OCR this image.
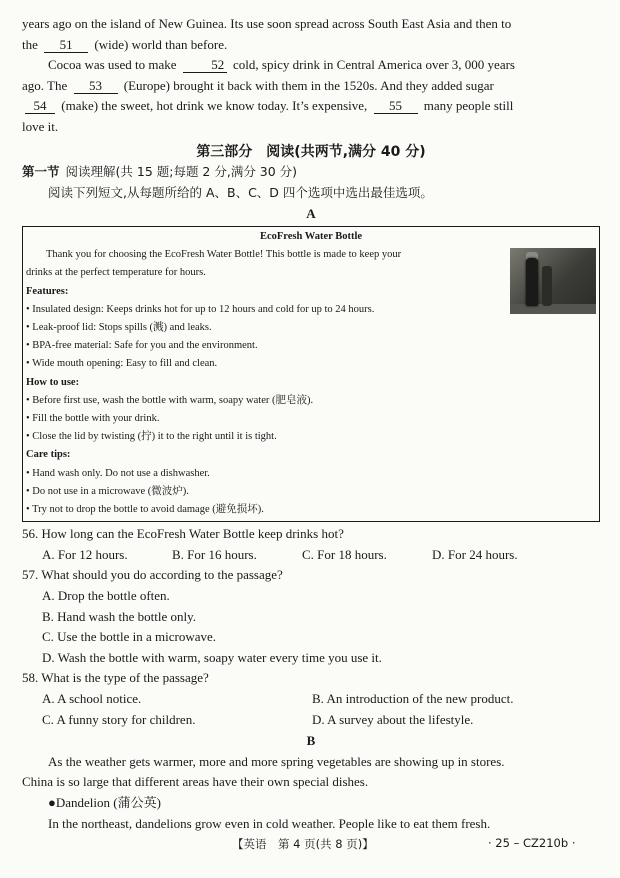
years ago on the island of New Guinea. Its use soon spread across South East Asia and then to

the 51 (wide) world than before.

Cocoa was used to make	52 cold, spicy drink in Central America over 3, 000 years

ago. The 53 (Europe) brought it back with them in the 1520s. And they added sugar

54 (make) the sweet, hot drink we know today. It’s expensive, 55 many people still

love it.

第三部分　阅读(共两节,满分 40 分)

第一节 阅读理解(共 15 题;每题 2 分,满分 30 分)

阅读下列短文,从每题所给的 A、B、C、D 四个选项中选出最佳选项。

A

EcoFresh Water Bottle
Thank you for choosing the EcoFresh Water Bottle! This bottle is made to keep your
drinks at the perfect temperature for hours.
Features:
• Insulated design: Keeps drinks hot for up to 12 hours and cold for up to 24 hours.
• Leak-proof lid: Stops spills (溅) and leaks.
• BPA-free material: Safe for you and the environment.
• Wide mouth opening: Easy to fill and clean.
How to use:
• Before first use, wash the bottle with warm, soapy water (肥皂液).
• Fill the bottle with your drink.
• Close the lid by twisting (拧) it to the right until it is tight.
Care tips:
• Hand wash only. Do not use a dishwasher.
• Do not use in a microwave (微波炉).
• Try not to drop the bottle to avoid damage (避免损坏).

56. How long can the EcoFresh Water Bottle keep drinks hot?

A. For 12 hours.	B. For 16 hours.	C. For 18 hours.	D. For 24 hours.

57. What should you do according to the passage?

A. Drop the bottle often.

B. Hand wash the bottle only.

C. Use the bottle in a microwave.

D. Wash the bottle with warm, soapy water every time you use it.

58. What is the type of the passage?

A. A school notice.	B. An introduction of the new product.
C. A funny story for children.	D. A survey about the lifestyle.

B

As the weather gets warmer, more and more spring vegetables are showing up in stores.

China is so large that different areas have their own special dishes.

●Dandelion (蒲公英)

In the northeast, dandelions grow even in cold weather. People like to eat them fresh.

【英语　第 4 页(共 8 页)】	· 25 – CZ210b ·
